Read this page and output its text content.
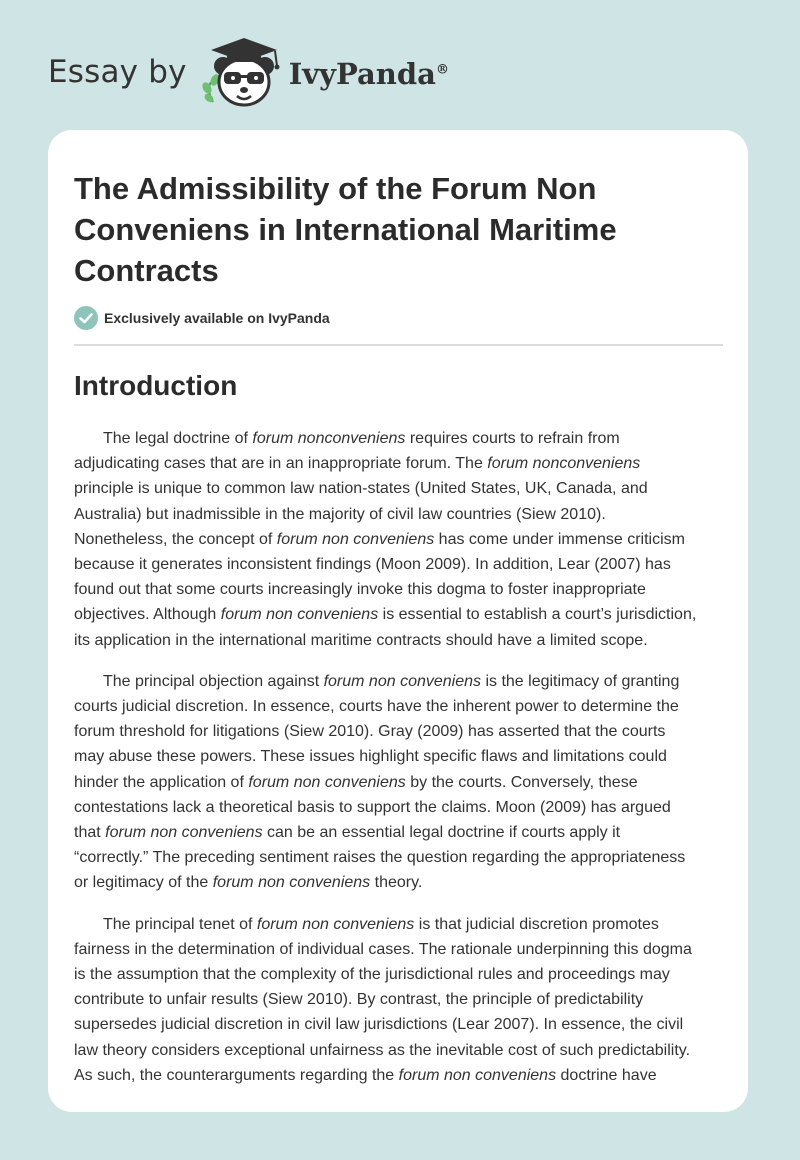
Essay by	IvyPanda®
The Admissibility of the Forum Non
Conveniens in International Maritime
Contracts
Exclusively available on IvyPanda
Introduction

The legal doctrine of forum nonconveniens requires courts to refrain from
adjudicating cases that are in an inappropriate forum. The forum nonconveniens
principle is unique to common law nation-states (United States, UK, Canada, and
Australia) but inadmissible in the majority of civil law countries (Siew 2010).
Nonetheless, the concept of forum non conveniens has come under immense criticism
because it generates inconsistent findings (Moon 2009). In addition, Lear (2007) has
found out that some courts increasingly invoke this dogma to foster inappropriate
objectives. Although forum non conveniens is essential to establish a court’s jurisdiction,
its application in the international maritime contracts should have a limited scope.

The principal objection against forum non conveniens is the legitimacy of granting
courts judicial discretion. In essence, courts have the inherent power to determine the
forum threshold for litigations (Siew 2010). Gray (2009) has asserted that the courts
may abuse these powers. These issues highlight specific flaws and limitations could
hinder the application of forum non conveniens by the courts. Conversely, these
contestations lack a theoretical basis to support the claims. Moon (2009) has argued
that forum non conveniens can be an essential legal doctrine if courts apply it
“correctly.” The preceding sentiment raises the question regarding the appropriateness
or legitimacy of the forum non conveniens theory.

The principal tenet of forum non conveniens is that judicial discretion promotes
fairness in the determination of individual cases. The rationale underpinning this dogma
is the assumption that the complexity of the jurisdictional rules and proceedings may
contribute to unfair results (Siew 2010). By contrast, the principle of predictability
supersedes judicial discretion in civil law jurisdictions (Lear 2007). In essence, the civil
law theory considers exceptional unfairness as the inevitable cost of such predictability.
As such, the counterarguments regarding the forum non conveniens doctrine have
